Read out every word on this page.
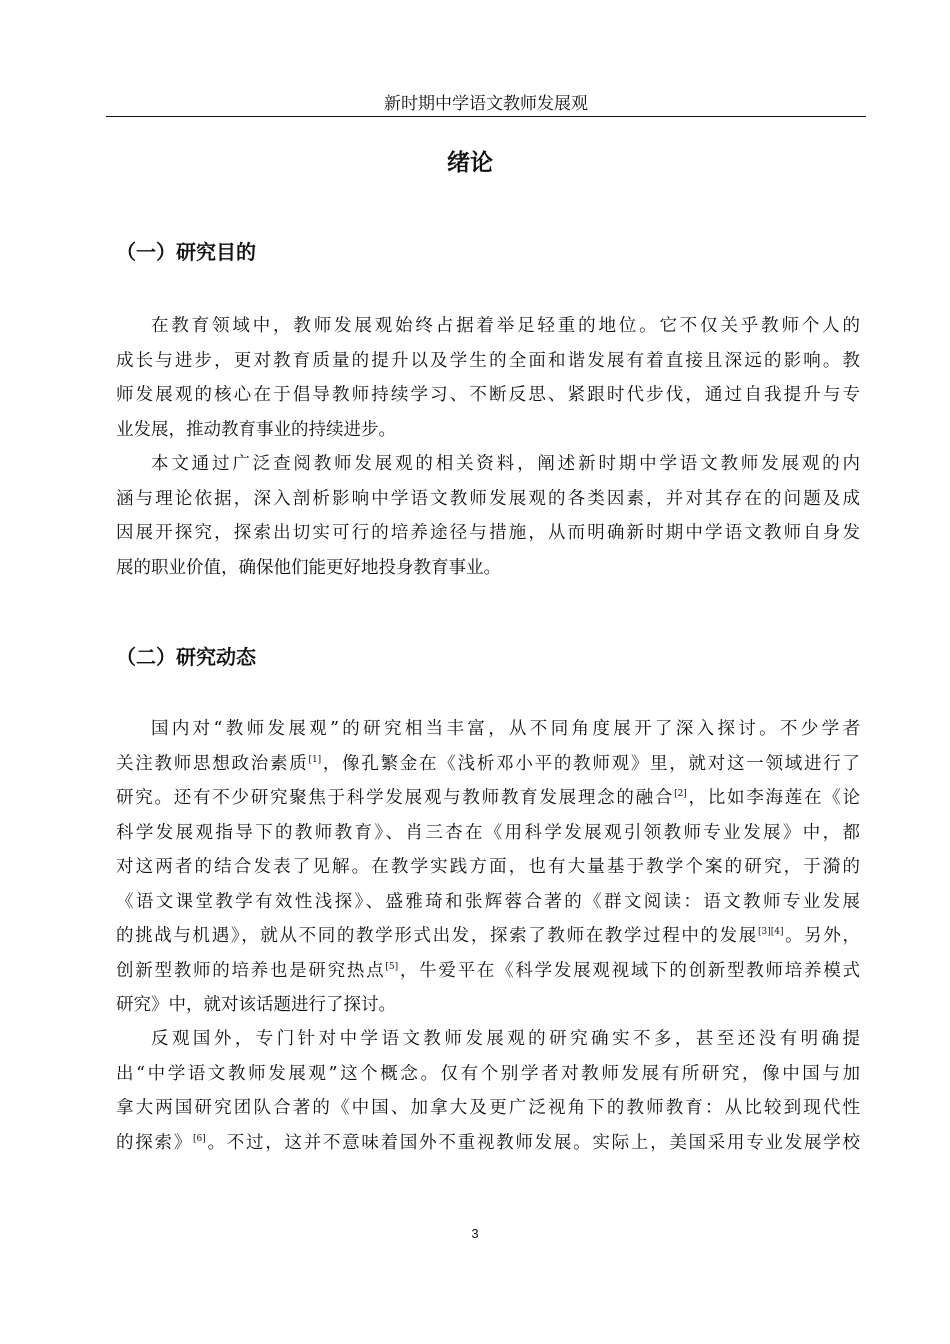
新时期中学语文教师发展观
绪论
（一）研究目的
在教育领域中，教师发展观始终占据着举足轻重的地位。它不仅关乎教师个人的
成长与进步，更对教育质量的提升以及学生的全面和谐发展有着直接且深远的影响。教
师发展观的核心在于倡导教师持续学习、不断反思、紧跟时代步伐，通过自我提升与专
业发展，推动教育事业的持续进步。
本文通过广泛查阅教师发展观的相关资料，阐述新时期中学语文教师发展观的内
涵与理论依据，深入剖析影响中学语文教师发展观的各类因素，并对其存在的问题及成
因展开探究，探索出切实可行的培养途径与措施，从而明确新时期中学语文教师自身发
展的职业价值，确保他们能更好地投身教育事业。
（二）研究动态
国内对“教师发展观”的研究相当丰富，从不同角度展开了深入探讨。不少学者
关注教师思想政治素质[1]，像孔繁金在《浅析邓小平的教师观》里，就对这一领域进行了
研究。还有不少研究聚焦于科学发展观与教师教育发展理念的融合[2]，比如李海莲在《论
科学发展观指导下的教师教育》、肖三杏在《用科学发展观引领教师专业发展》中，都
对这两者的结合发表了见解。在教学实践方面，也有大量基于教学个案的研究，于漪的
《语文课堂教学有效性浅探》、盛雅琦和张辉蓉合著的《群文阅读：语文教师专业发展
的挑战与机遇》，就从不同的教学形式出发，探索了教师在教学过程中的发展[3][4]。另外，
创新型教师的培养也是研究热点[5]，牛爱平在《科学发展观视域下的创新型教师培养模式
研究》中，就对该话题进行了探讨。
反观国外，专门针对中学语文教师发展观的研究确实不多，甚至还没有明确提
出“中学语文教师发展观”这个概念。仅有个别学者对教师发展有所研究，像中国与加
拿大两国研究团队合著的《中国、加拿大及更广泛视角下的教师教育：从比较到现代性
的探索》[6]。不过，这并不意味着国外不重视教师发展。实际上，美国采用专业发展学校
3
